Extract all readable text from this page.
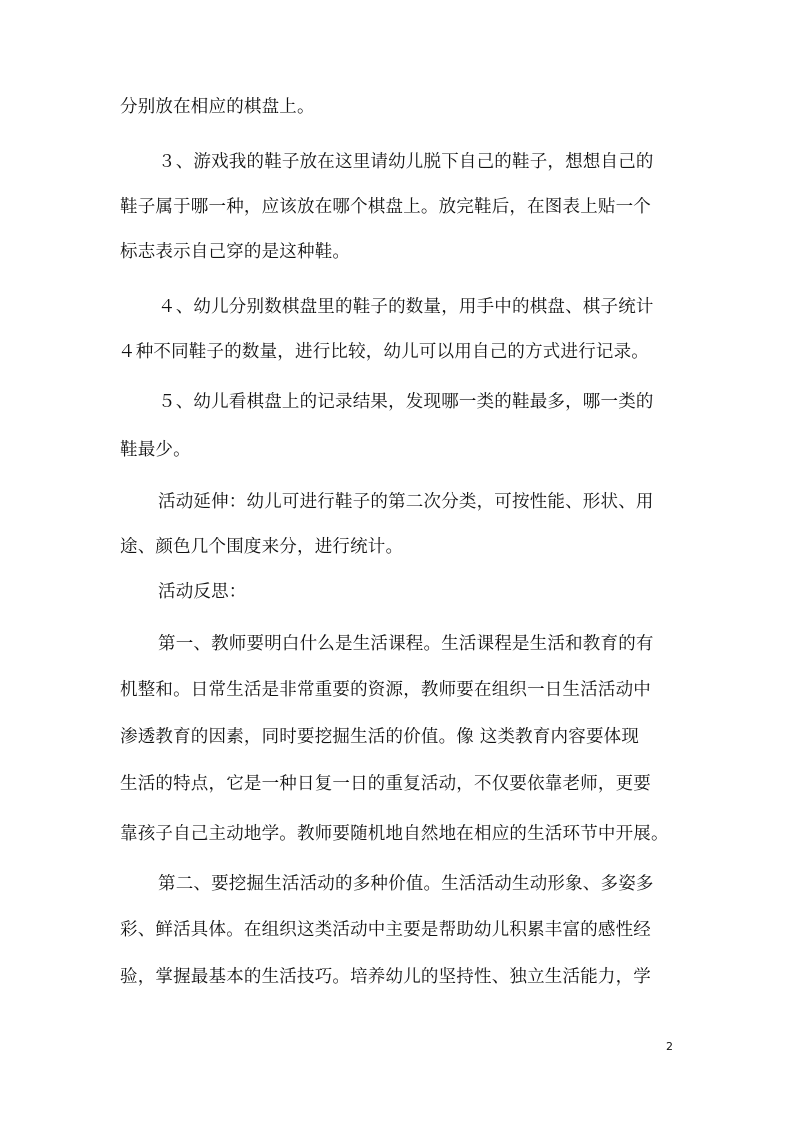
分别放在相应的棋盘上。
３、游戏我的鞋子放在这里请幼儿脱下自己的鞋子，想想自己的
鞋子属于哪一种，应该放在哪个棋盘上。放完鞋后，在图表上贴一个
标志表示自己穿的是这种鞋。
４、幼儿分别数棋盘里的鞋子的数量，用手中的棋盘、棋子统计
４种不同鞋子的数量，进行比较，幼儿可以用自己的方式进行记录。
５、幼儿看棋盘上的记录结果，发现哪一类的鞋最多，哪一类的
鞋最少。
活动延伸：幼儿可进行鞋子的第二次分类，可按性能、形状、用
途、颜色几个围度来分，进行统计。
活动反思：
第一、教师要明白什么是生活课程。生活课程是生活和教育的有
机整和。日常生活是非常重要的资源，教师要在组织一日生活活动中
渗透教育的因素，同时要挖掘生活的价值。像 这类教育内容要体现
生活的特点，它是一种日复一日的重复活动，不仅要依靠老师，更要
靠孩子自己主动地学。教师要随机地自然地在相应的生活环节中开展。
第二、要挖掘生活活动的多种价值。生活活动生动形象、多姿多
彩、鲜活具体。在组织这类活动中主要是帮助幼儿积累丰富的感性经
验，掌握最基本的生活技巧。培养幼儿的坚持性、独立生活能力，学
2
